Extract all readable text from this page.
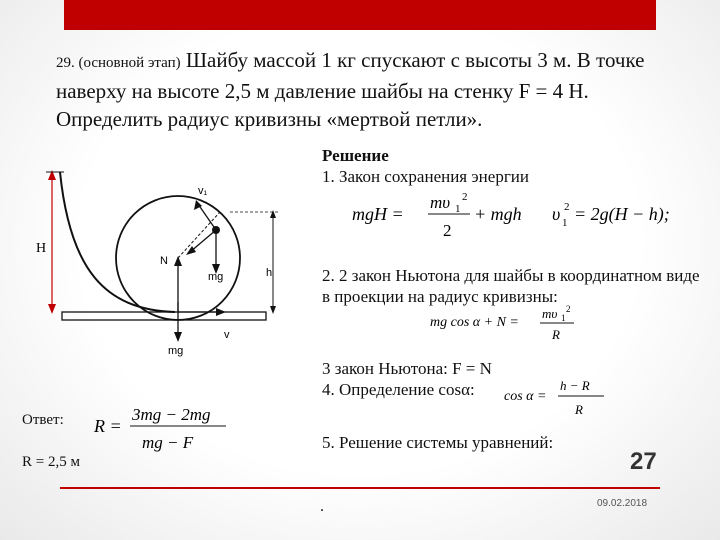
29. (основной этап) Шайбу массой 1 кг спускают с высоты 3 м. В точке наверху на высоте 2,5 м давление шайбы на стенку F = 4 Н. Определить радиус кривизны «мертвой петли».
H
h
v₁
N
mg
mg
v
Решение
1. Закон сохранения энергии
mgH =
mυ 1
2
2
+ mgh υ 1
2 = 2g(H − h);
2. 2 закон Ньютона для шайбы в координатном виде в проекции на радиус кривизны:
mg cos α + N =
mυ 1
2
R
3 закон Ньютона: F = N
4. Определение cosα: cos α =
h − R
R
5. Решение системы уравнений:
Ответ: R =
3mg − 2mg
mg − F
R = 2,5 м	27
.	09.02.2018
